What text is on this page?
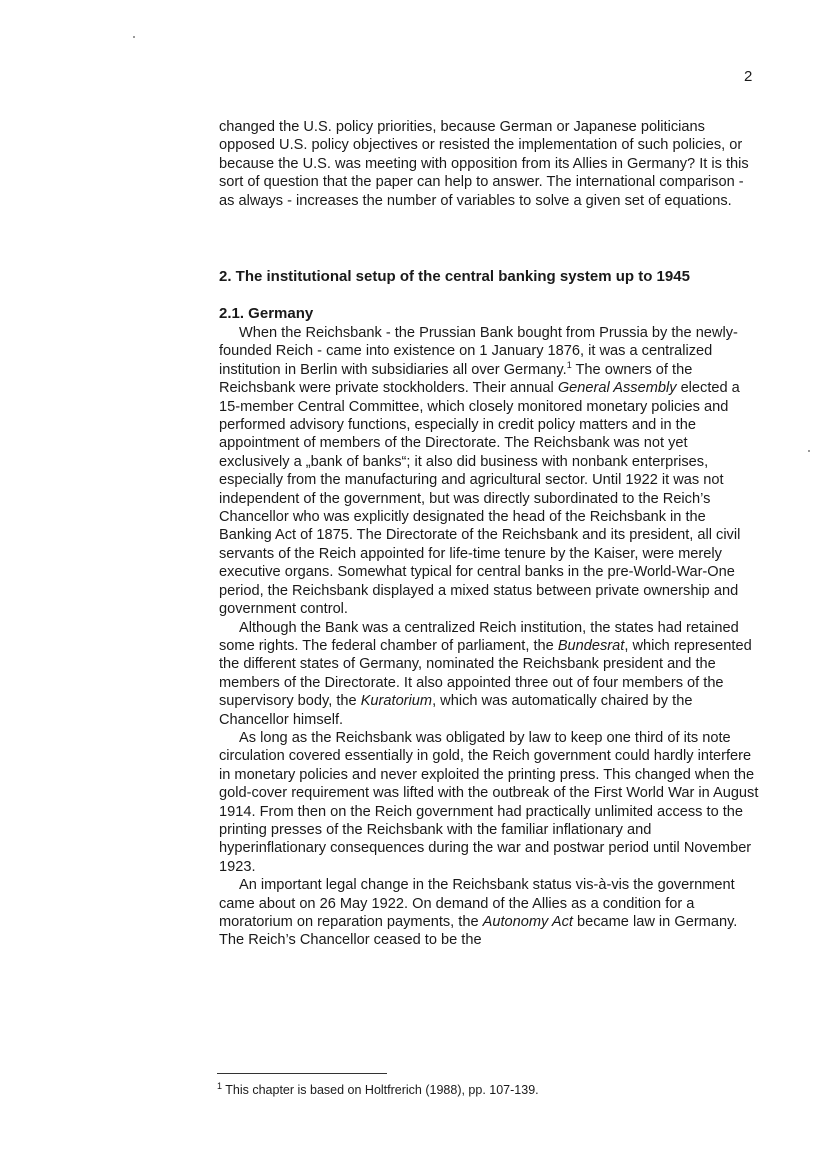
2

changed the U.S. policy priorities, because German or Japanese politicians opposed U.S. policy objectives or resisted the implementation of such policies, or because the U.S. was meeting with opposition from its Allies in Germany? It is this sort of question that the paper can help to answer. The international comparison - as always - increases the number of variables to solve a given set of equations.

2. The institutional setup of the central banking system up to 1945
2.1. Germany

When the Reichsbank - the Prussian Bank bought from Prussia by the newly-founded Reich - came into existence on 1 January 1876, it was a centralized institution in Berlin with subsidiaries all over Germany.$^1$ The owners of the Reichsbank were private stockholders. Their annual General Assembly elected a 15-member Central Committee, which closely monitored monetary policies and performed advisory functions, especially in credit policy matters and in the appointment of members of the Directorate. The Reichsbank was not yet exclusively a „bank of banks“; it also did business with nonbank enterprises, especially from the manufacturing and agricultural sector. Until 1922 it was not independent of the government, but was directly subordinated to the Reich’s Chancellor who was explicitly designated the head of the Reichsbank in the Banking Act of 1875. The Directorate of the Reichsbank and its president, all civil servants of the Reich appointed for life-time tenure by the Kaiser, were merely executive organs. Somewhat typical for central banks in the pre-World-War-One period, the Reichsbank displayed a mixed status between private ownership and government control.

Although the Bank was a centralized Reich institution, the states had retained some rights. The federal chamber of parliament, the Bundesrat, which represented the different states of Germany, nominated the Reichsbank president and the members of the Directorate. It also appointed three out of four members of the supervisory body, the Kuratorium, which was automatically chaired by the Chancellor himself.

As long as the Reichsbank was obligated by law to keep one third of its note circulation covered essentially in gold, the Reich government could hardly interfere in monetary policies and never exploited the printing press. This changed when the gold-cover requirement was lifted with the outbreak of the First World War in August 1914. From then on the Reich government had practically unlimited access to the printing presses of the Reichsbank with the familiar inflationary and hyperinflationary consequences during the war and postwar period until November 1923.

An important legal change in the Reichsbank status vis-à-vis the government came about on 26 May 1922. On demand of the Allies as a condition for a moratorium on reparation payments, the Autonomy Act became law in Germany. The Reich’s Chancellor ceased to be the

$^1$ This chapter is based on Holtfrerich (1988), pp. 107-139.
